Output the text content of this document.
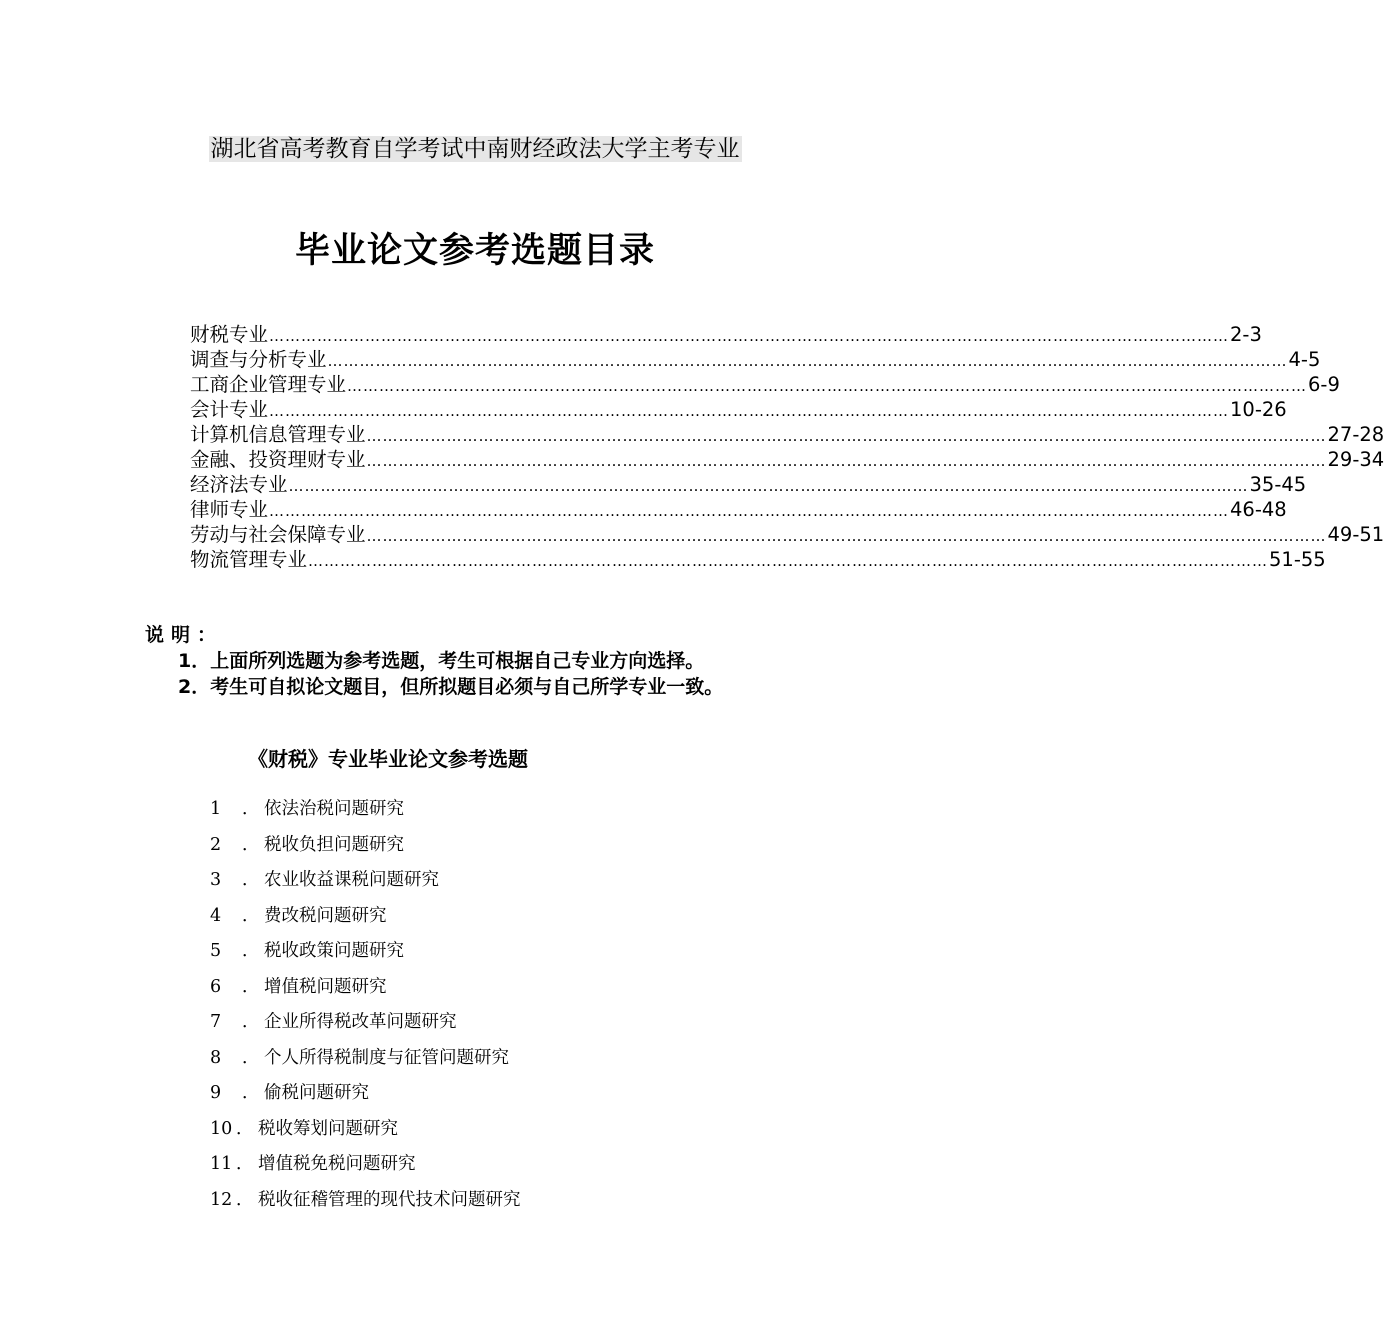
湖北省高考教育自学考试中南财经政法大学主考专业
毕业论文参考选题目录
财税专业 ……………………………………………………………………………………………………………………………………………………………… 2-3
调查与分析专业 ……………………………………………………………………………………………………………………………………………………………… 4-5
工商企业管理专业 ……………………………………………………………………………………………………………………………………………………………… 6-9
会计专业 ……………………………………………………………………………………………………………………………………………………………… 10-26
计算机信息管理专业 ……………………………………………………………………………………………………………………………………………………………… 27-28
金融、投资理财专业 ……………………………………………………………………………………………………………………………………………………………… 29-34
经济法专业 ……………………………………………………………………………………………………………………………………………………………… 35-45
律师专业 ……………………………………………………………………………………………………………………………………………………………… 46-48
劳动与社会保障专业 ……………………………………………………………………………………………………………………………………………………………… 49-51
物流管理专业 ……………………………………………………………………………………………………………………………………………………………… 51-55
说明：
1．上面所列选题为参考选题，考生可根据自己专业方向选择。
2．考生可自拟论文题目，但所拟题目必须与自己所学专业一致。
《财税》专业毕业论文参考选题
1	． 依法治税问题研究
2	． 税收负担问题研究
3	． 农业收益课税问题研究
4	． 费改税问题研究
5	． 税收政策问题研究
6	． 增值税问题研究
7	． 企业所得税改革问题研究
8	． 个人所得税制度与征管问题研究
9	． 偷税问题研究
10 ． 税收筹划问题研究
11 ． 增值税免税问题研究
12 ． 税收征稽管理的现代技术问题研究
